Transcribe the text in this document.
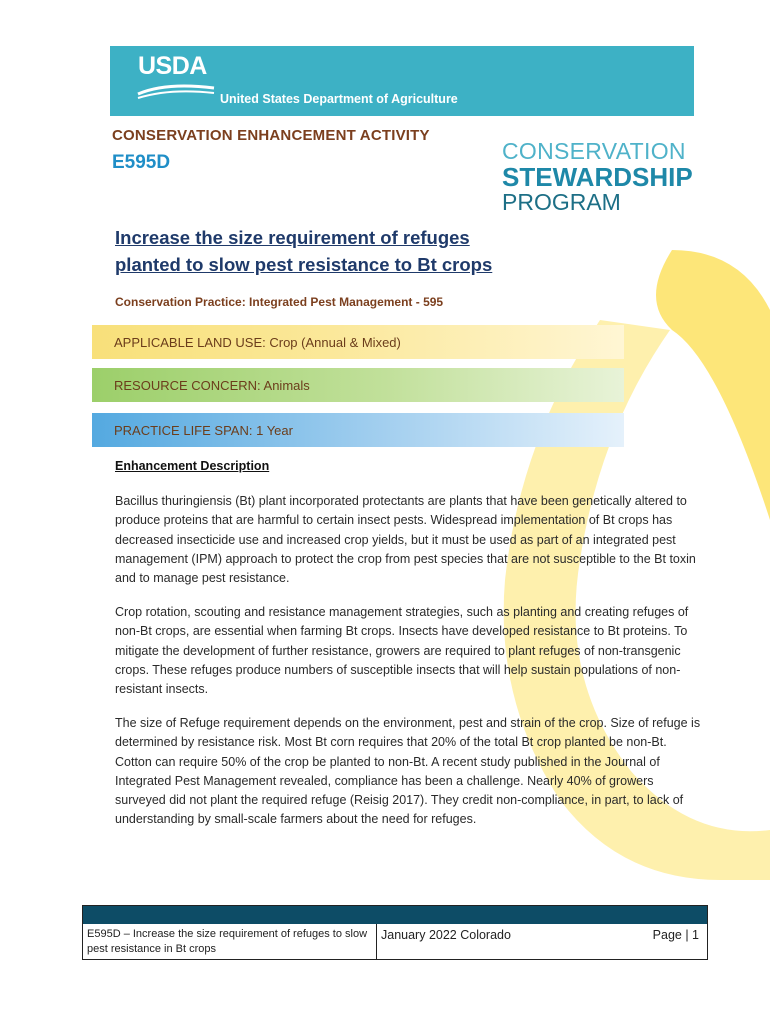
USDA
United States Department of Agriculture
CONSERVATION ENHANCEMENT ACTIVITY
E595D	CONSERVATION
STEWARDSHIP
PROGRAM
Increase the size requirement of refuges
planted to slow pest resistance to Bt crops
Conservation Practice: Integrated Pest Management - 595
APPLICABLE LAND USE: Crop (Annual & Mixed)
RESOURCE CONCERN: Animals
PRACTICE LIFE SPAN: 1 Year
Enhancement Description

Bacillus thuringiensis (Bt) plant incorporated protectants are plants that have been genetically altered to produce proteins that are harmful to certain insect pests. Widespread implementation of Bt crops has decreased insecticide use and increased crop yields, but it must be used as part of an integrated pest management (IPM) approach to protect the crop from pest species that are not susceptible to the Bt toxin and to manage pest resistance.

Crop rotation, scouting and resistance management strategies, such as planting and creating refuges of non-Bt crops, are essential when farming Bt crops. Insects have developed resistance to Bt proteins. To mitigate the development of further resistance, growers are required to plant refuges of non-transgenic crops. These refuges produce numbers of susceptible insects that will help sustain populations of non-resistant insects.

The size of Refuge requirement depends on the environment, pest and strain of the crop. Size of refuge is determined by resistance risk. Most Bt corn requires that 20% of the total Bt crop planted be non-Bt. Cotton can require 50% of the crop be planted to non-Bt. A recent study published in the Journal of Integrated Pest Management revealed, compliance has been a challenge. Nearly 40% of growers surveyed did not plant the required refuge (Reisig 2017). They credit non-compliance, in part, to lack of understanding by small-scale farmers about the need for refuges.

E595D – Increase the size requirement of refuges to slow pest resistance in Bt crops
January 2022 Colorado	Page | 1
